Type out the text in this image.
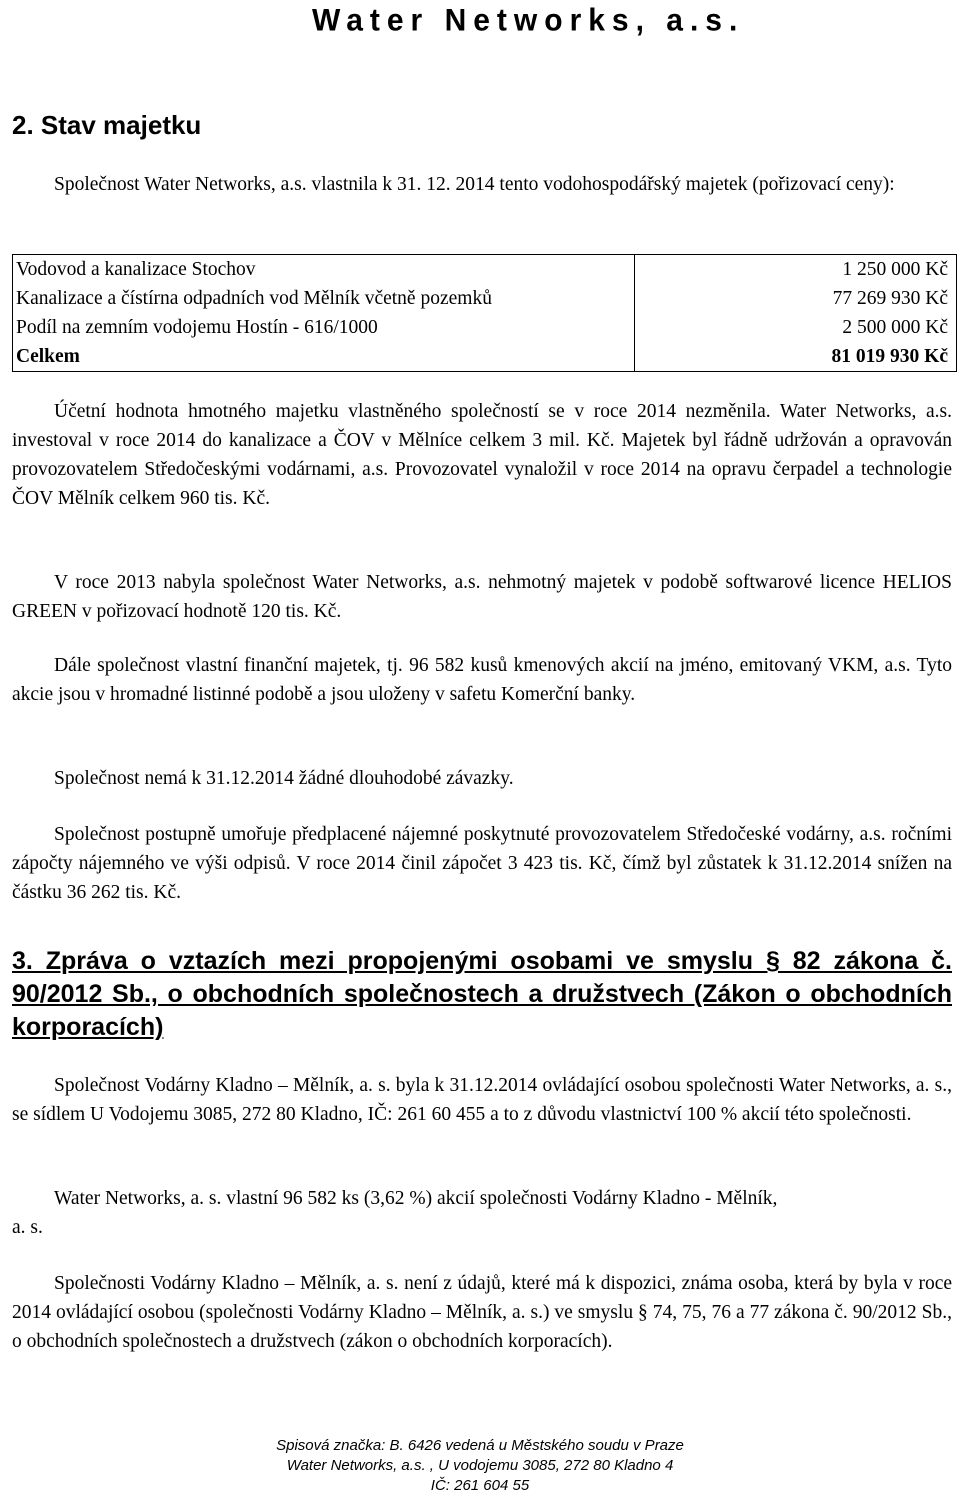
Water Networks, a.s.
2. Stav majetku
Společnost Water Networks, a.s. vlastnila k 31. 12. 2014 tento vodohospodářský majetek (pořizovací ceny):
Vodovod a kanalizace Stochov	1 250 000 Kč
Kanalizace a čístírna odpadních vod Mělník včetně pozemků	77 269 930 Kč
Podíl na zemním vodojemu Hostín - 616/1000	2 500 000 Kč
Celkem	81 019 930 Kč
Účetní hodnota hmotného majetku vlastněného společností se v roce 2014 nezměnila. Water Networks, a.s. investoval v roce 2014 do kanalizace a ČOV v Mělníce celkem 3 mil. Kč. Majetek byl řádně udržován a opravován provozovatelem Středočeskými vodárnami, a.s. Provozovatel vynaložil v roce 2014 na opravu čerpadel a technologie ČOV Mělník celkem 960 tis. Kč.
V roce 2013 nabyla společnost Water Networks, a.s. nehmotný majetek v podobě softwarové licence HELIOS GREEN v pořizovací hodnotě 120 tis. Kč.
Dále společnost vlastní finanční majetek, tj. 96 582 kusů kmenových akcií na jméno, emitovaný VKM, a.s. Tyto akcie jsou v hromadné listinné podobě a jsou uloženy v safetu Komerční banky.
Společnost nemá k 31.12.2014 žádné dlouhodobé závazky.
Společnost postupně umořuje předplacené nájemné poskytnuté provozovatelem Středočeské vodárny, a.s. ročními zápočty nájemného ve výši odpisů. V roce 2014 činil zápočet 3 423 tis. Kč, čímž byl zůstatek k 31.12.2014 snížen na částku 36 262 tis. Kč.
3. Zpráva o vztazích mezi propojenými osobami ve smyslu § 82 zákona č. 90/2012 Sb., o obchodních společnostech a družstvech (Zákon o obchodních korporacích)
Společnost Vodárny Kladno – Mělník, a. s. byla k 31.12.2014 ovládající osobou společnosti Water Networks, a. s., se sídlem U Vodojemu 3085, 272 80 Kladno, IČ: 261 60 455 a to z důvodu vlastnictví 100 % akcií této společnosti.
Water Networks, a. s. vlastní 96 582 ks (3,62 %) akcií společnosti Vodárny Kladno - Mělník,
a. s.
Společnosti Vodárny Kladno – Mělník, a. s. není z údajů, které má k dispozici, známa osoba, která by byla v roce 2014 ovládající osobou (společnosti Vodárny Kladno – Mělník, a. s.) ve smyslu § 74, 75, 76 a 77 zákona č. 90/2012 Sb., o obchodních společnostech a družstvech (zákon o obchodních korporacích).
Spisová značka: B. 6426 vedená u Městského soudu v Praze
Water Networks, a.s. , U vodojemu 3085, 272 80 Kladno 4
IČ: 261 604 55
